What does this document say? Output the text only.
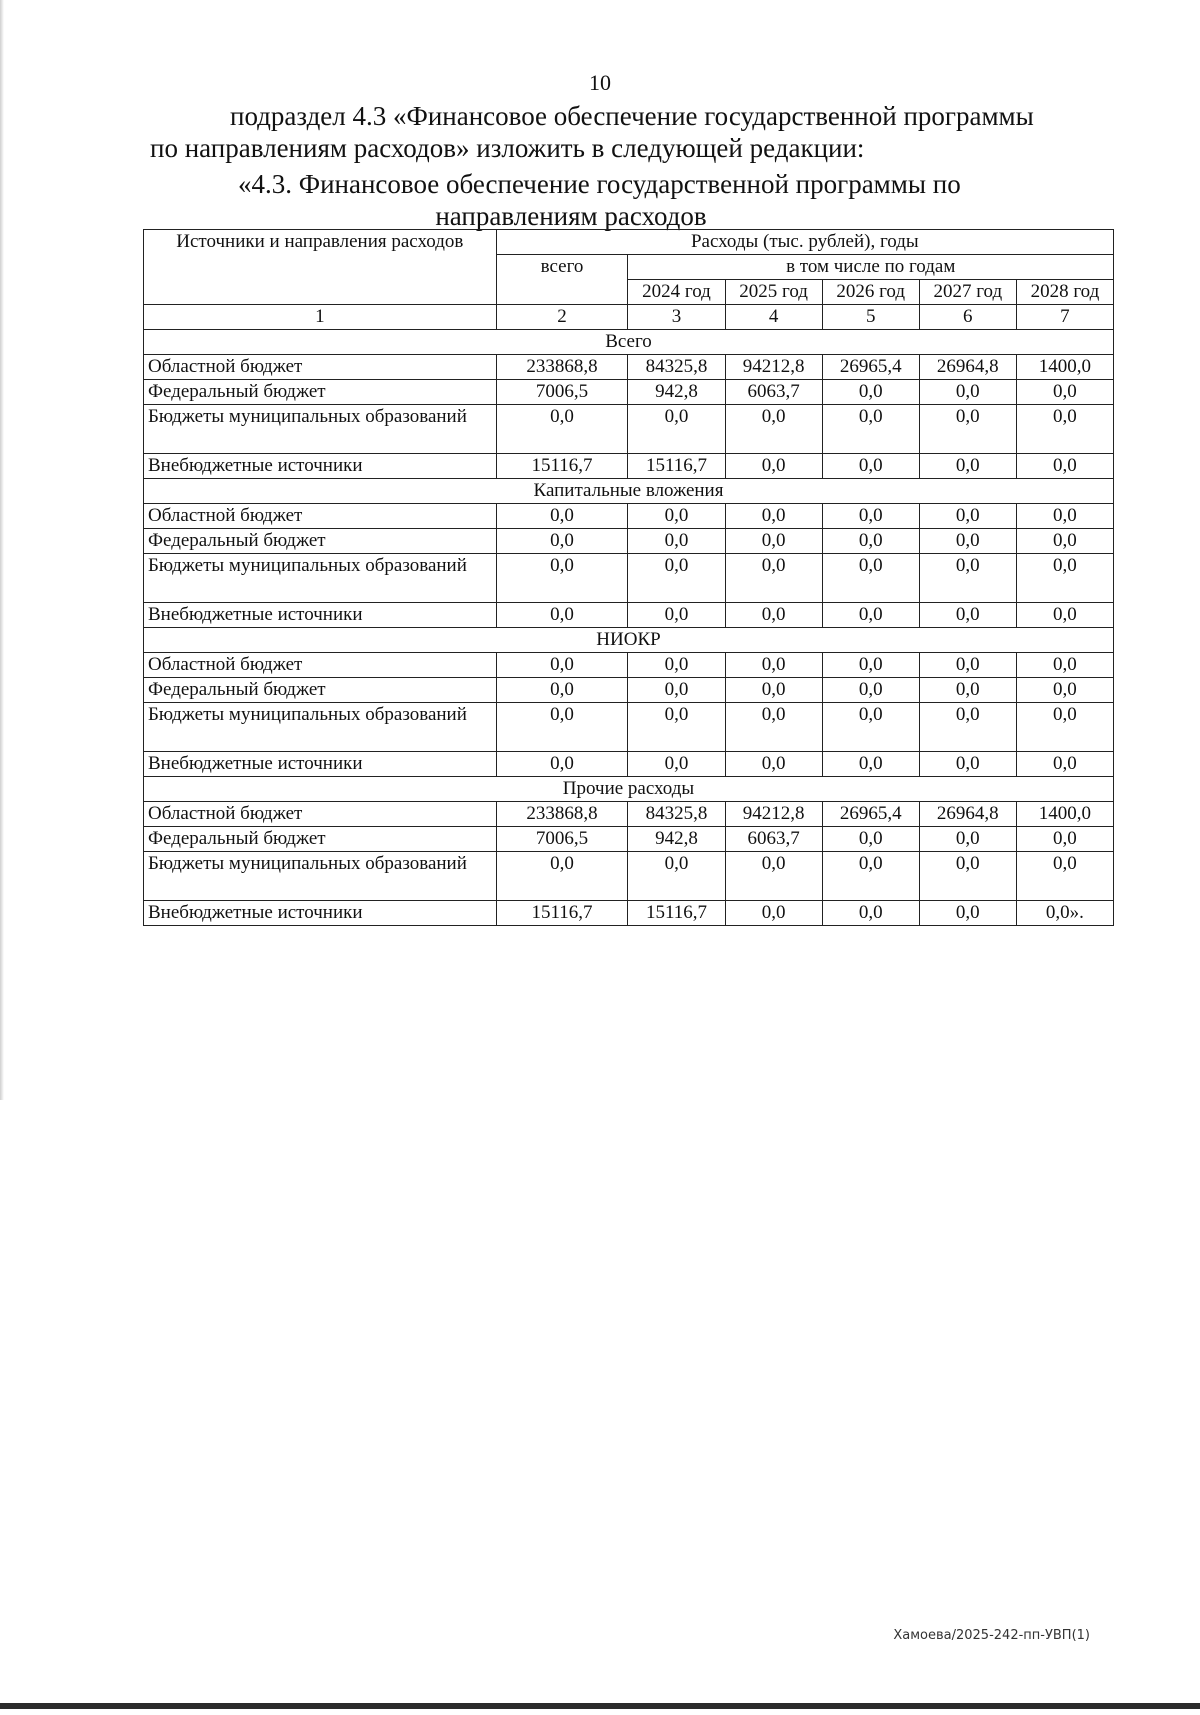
10
подраздел 4.3 «Финансовое обеспечение государственной программы
по направлениям расходов» изложить в следующей редакции:
«4.3. Финансовое обеспечение государственной программы по
направлениям расходов
Источники и направления расходов	Расходы (тыс. рублей), годы					
	всего	в том числе по годам				
		2024 год	2025 год	2026 год	2027 год	2028 год
1	2	3	4	5	6	7
Всего						
Областной бюджет	233868,8	84325,8	94212,8	26965,4	26964,8	1400,0
Федеральный бюджет	7006,5	942,8	6063,7	0,0	0,0	0,0
Бюджеты муниципальных образований	0,0	0,0	0,0	0,0	0,0	0,0
Внебюджетные источники	15116,7	15116,7	0,0	0,0	0,0	0,0
Капитальные вложения						
Областной бюджет	0,0	0,0	0,0	0,0	0,0	0,0
Федеральный бюджет	0,0	0,0	0,0	0,0	0,0	0,0
Бюджеты муниципальных образований	0,0	0,0	0,0	0,0	0,0	0,0
Внебюджетные источники	0,0	0,0	0,0	0,0	0,0	0,0
НИОКР						
Областной бюджет	0,0	0,0	0,0	0,0	0,0	0,0
Федеральный бюджет	0,0	0,0	0,0	0,0	0,0	0,0
Бюджеты муниципальных образований	0,0	0,0	0,0	0,0	0,0	0,0
Внебюджетные источники	0,0	0,0	0,0	0,0	0,0	0,0
Прочие расходы						
Областной бюджет	233868,8	84325,8	94212,8	26965,4	26964,8	1400,0
Федеральный бюджет	7006,5	942,8	6063,7	0,0	0,0	0,0
Бюджеты муниципальных образований	0,0	0,0	0,0	0,0	0,0	0,0
Внебюджетные источники	15116,7	15116,7	0,0	0,0	0,0	0,0».
Хамоева/2025-242-пп-УВП(1)
